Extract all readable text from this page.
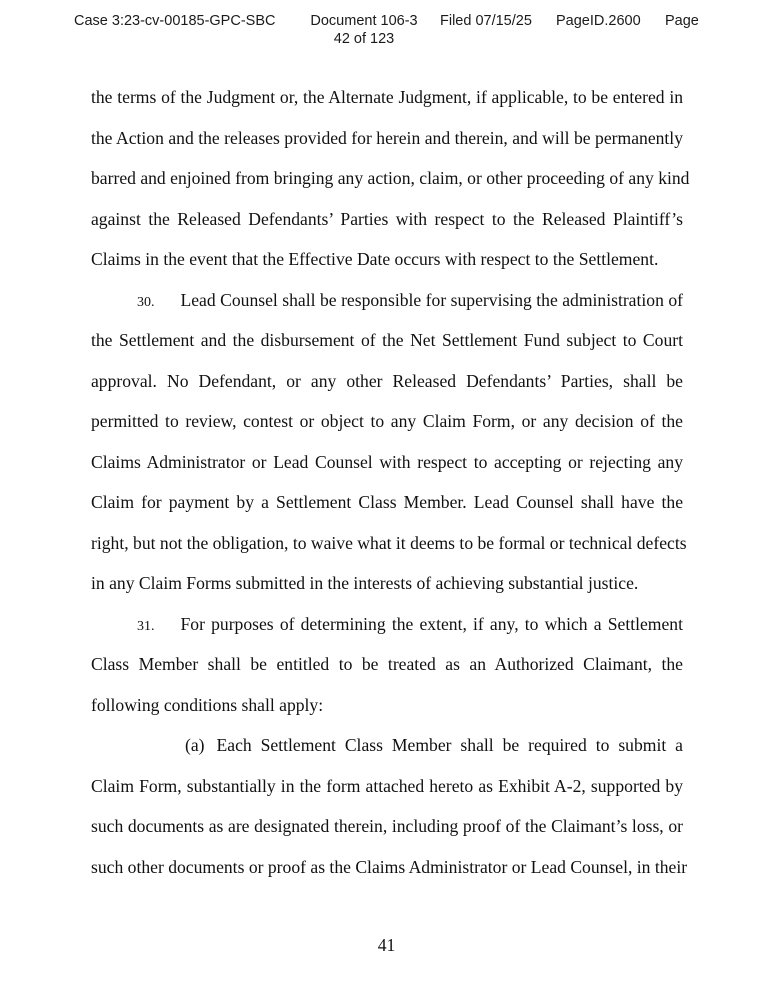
Case 3:23-cv-00185-GPC-SBC	Document 106-3
42 of 123
Filed 07/15/25 PageID.2600 Page
the terms of the Judgment or, the Alternate Judgment, if applicable, to be entered in
the Action and the releases provided for herein and therein, and will be permanently
barred and enjoined from bringing any action, claim, or other proceeding of any kind
against the Released Defendants’ Parties with respect to the Released Plaintiff’s
Claims in the event that the Effective Date occurs with respect to the Settlement.
30. Lead Counsel shall be responsible for supervising the administration of
the Settlement and the disbursement of the Net Settlement Fund subject to Court
approval. No Defendant, or any other Released Defendants’ Parties, shall be
permitted to review, contest or object to any Claim Form, or any decision of the
Claims Administrator or Lead Counsel with respect to accepting or rejecting any
Claim for payment by a Settlement Class Member. Lead Counsel shall have the
right, but not the obligation, to waive what it deems to be formal or technical defects
in any Claim Forms submitted in the interests of achieving substantial justice.
31. For purposes of determining the extent, if any, to which a Settlement
Class Member shall be entitled to be treated as an Authorized Claimant, the
following conditions shall apply:
(a) Each Settlement Class Member shall be required to submit a
Claim Form, substantially in the form attached hereto as Exhibit A-2, supported by
such documents as are designated therein, including proof of the Claimant’s loss, or
such other documents or proof as the Claims Administrator or Lead Counsel, in their
41
